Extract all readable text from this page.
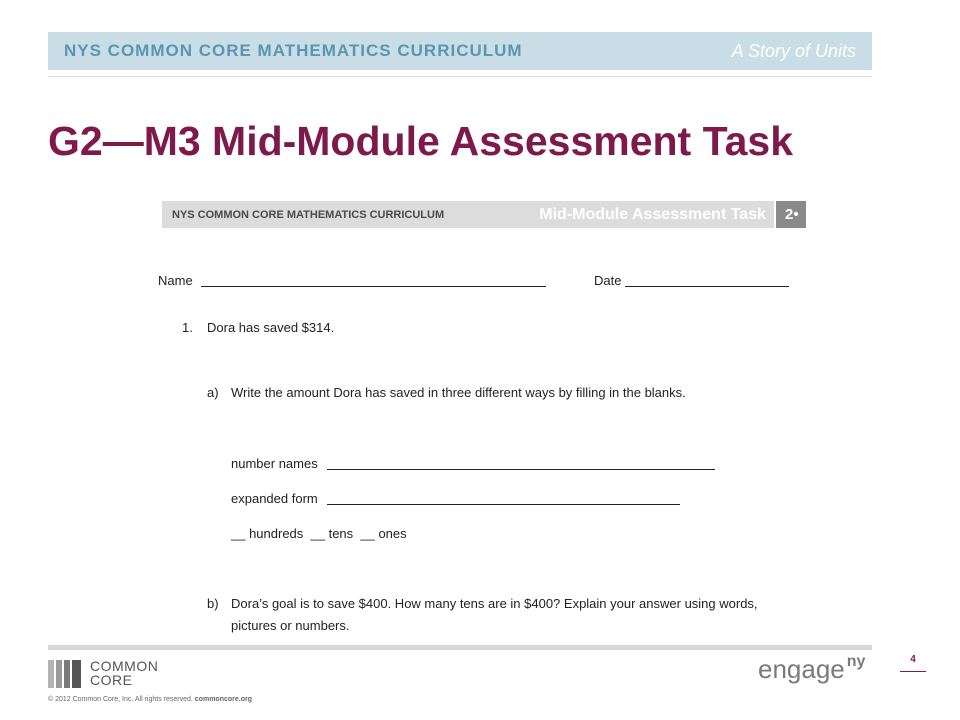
NYS COMMON CORE MATHEMATICS CURRICULUM	A Story of Units
G2—M3 Mid-Module Assessment Task
NYS COMMON CORE MATHEMATICS CURRICULUM	Mid-Module Assessment Task	2•
Name	Date
1. Dora has saved $314.
a) Write the amount Dora has saved in three different ways by filling in the blanks.
number names
expanded form
__ hundreds  __ tens  __ ones
b) Dora’s goal is to save $400. How many tens are in $400? Explain your answer using words,
pictures or numbers.
COMMON
CORE
© 2012 Common Core, Inc. All rights reserved. commoncore.org
engage $^{ny}$	4
